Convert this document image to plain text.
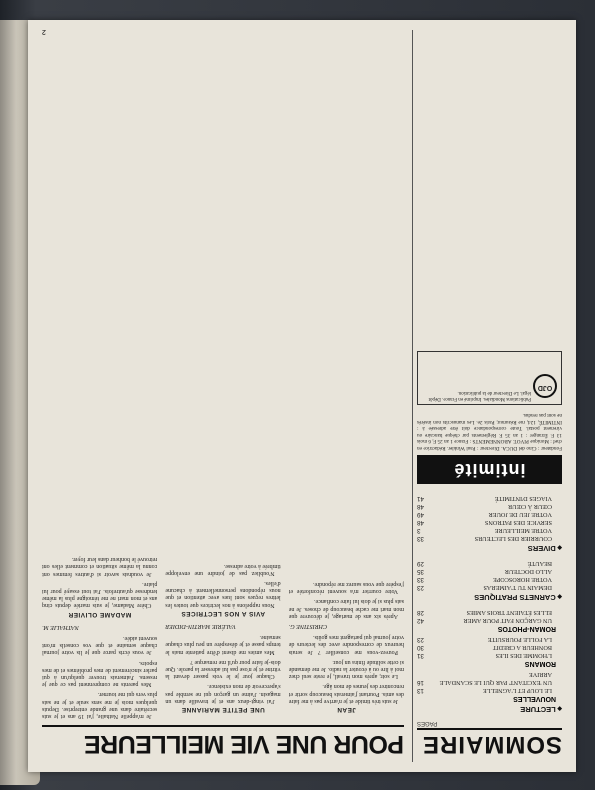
SOMMAIRE
PAGES
◆ LECTURE
NOUVELLES
LE LOUP ET L'AGNELLE
13
UN 'EXCITANT' PAR QUI LE SCANDALE ARRIVE
16
ROMANS
L'HOMME DES ILES
31
BONHEUR A CREDIT
30
LA FOLLE POURSUITE
23
ROMAN-PHOTOS
UN GARÇON FAIT POUR AMER
42
ELLES ÉTAIENT TROIS AMIES
28
◆ CARNETS PRATIQUES
DEMAIN TU T'AIMERAS
23
VOTRE HOROSCOPE
33
ALLO DOCTEUR
35
BEAUTÉ
29
◆ DIVERS
COURRIER DES LECTEURS
33
VOTRE MEILLEURE
3
SERVICE DES PATRONS
48
VOTRE JEU DE JOUER
49
CŒUR À CŒUR
48
VIAGES D'INTIMITÉ
41
intimité
Fondateur : Cino del DUCA. Directeur : Paul Winkler. Rédactrice en chef : Monique PIVOT. ABONNEMENTS : France 1 an 25 F, 6 mois 13 F. Étranger : 1 an 35 F. Règlements par chèque bancaire ou virement postal. Toute correspondance doit être adressée à : INTIMITÉ, 124, rue Réaumur, Paris 2e. Les manuscrits non insérés ne sont pas rendus.
OJD
Publications Mondiales. Imprimé en France. Dépôt légal. Le Directeur de la publication.
POUR UNE VIE MEILLEURE
JEAN

Je suis très timide et je n'arrive pas à me faire des amis. Pourtant j'aimerais beaucoup sortir et rencontrer des jeunes de mon âge.

Le soir, après mon travail, je reste seul chez moi à lire ou à écouter la radio. Je me demande si cette solitude finira un jour.

Pouvez-vous me conseiller ? Je serais heureux de correspondre avec des lecteurs de votre journal qui partagent mes goûts.

CHRISTINE G.

Après six ans de mariage, je découvre que mon mari me cache beaucoup de choses. Je ne sais plus si je dois lui faire confiance.

Votre courrier m'a souvent réconfortée et j'espère que vous saurez me répondre.

UNE PETITE MARIANNE

J'ai vingt-deux ans et je travaille dans un magasin. J'aime un garçon qui ne semble pas s'apercevoir de mon existence.

Chaque jour je le vois passer devant la vitrine et je n'ose pas lui adresser la parole. Que dois-je faire pour qu'il me remarque ?

Mes amies me disent d'être patiente mais le temps passe et je désespère un peu plus chaque semaine.

VALÉRIE MARTIN-DIDIER
AVIS A NOS LECTRICES

Nous rappelons à nos lectrices que toutes les lettres reçues sont lues avec attention et que nous répondons personnellement à chacune d'elles.

N'oubliez pas de joindre une enveloppe timbrée à votre adresse.

Je m'appelle Nathalie, j'ai 19 ans et je suis secrétaire dans une grande entreprise. Depuis quelques mois je me sens seule et je ne sais plus vers qui me tourner.

Mes parents ne comprennent pas ce que je ressens. J'aimerais trouver quelqu'un à qui parler sincèrement de mes problèmes et de mes espoirs.

Je vous écris parce que je lis votre journal chaque semaine et que vos conseils m'ont souvent aidée.

NATHALIE M.
MADAME OLIVIER

Chère Madame, je suis mariée depuis cinq ans et mon mari ne me témoigne plus la même tendresse qu'autrefois. J'ai tout essayé pour lui plaire.

Je voudrais savoir si d'autres femmes ont connu la même situation et comment elles ont retrouvé le bonheur dans leur foyer.

2
